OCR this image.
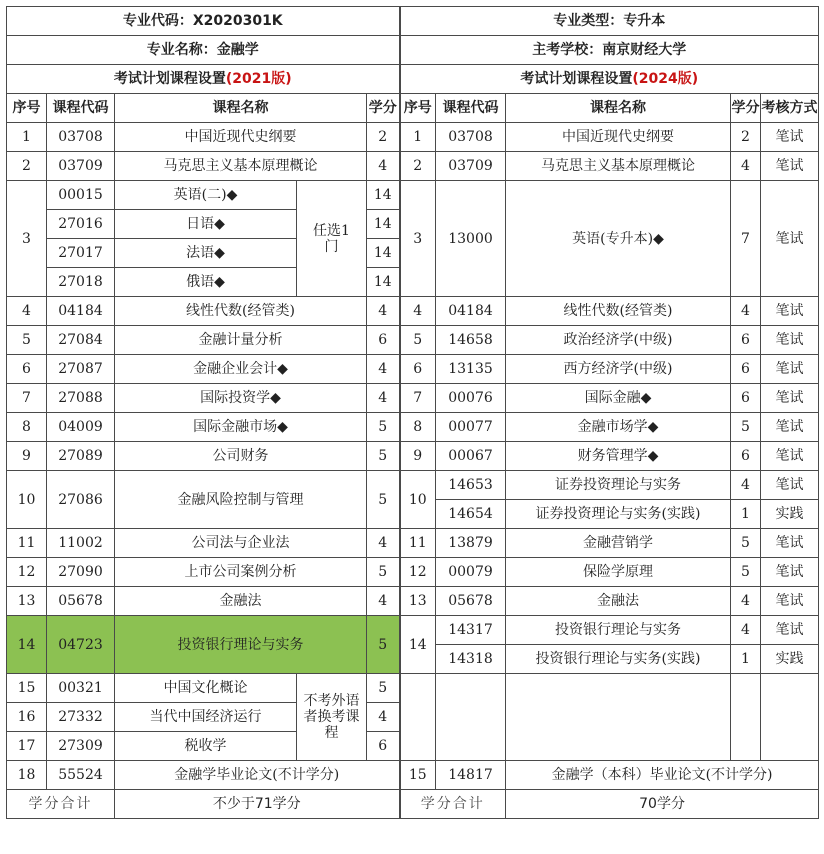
专业代码：X2020301K					专业类型：专升本				
专业名称：金融学					主考学校：南京财经大学				
考试计划课程设置(2021版)					考试计划课程设置(2024版)				
序号	课程代码	课程名称		学分	序号	课程代码	课程名称	学分	考核方式
1	03708	中国近现代史纲要		2	1	03708	中国近现代史纲要	2	笔试
2	03709	马克思主义基本原理概论		4	2	03709	马克思主义基本原理概论	4	笔试
3	00015	英语(二)◆	任选1门	14	3	13000	英语(专升本)◆	7	笔试
	27016	日语◆		14					
	27017	法语◆		14					
	27018	俄语◆		14					
4	04184	线性代数(经管类)		4	4	04184	线性代数(经管类)	4	笔试
5	27084	金融计量分析		6	5	14658	政治经济学(中级)	6	笔试
6	27087	金融企业会计◆		4	6	13135	西方经济学(中级)	6	笔试
7	27088	国际投资学◆		4	7	00076	国际金融◆	6	笔试
8	04009	国际金融市场◆		5	8	00077	金融市场学◆	5	笔试
9	27089	公司财务		5	9	00067	财务管理学◆	6	笔试
10	27086	金融风险控制与管理		5	10	14653	证券投资理论与实务	4	笔试
						14654	证券投资理论与实务(实践)	1	实践
11	11002	公司法与企业法		4	11	13879	金融营销学	5	笔试
12	27090	上市公司案例分析		5	12	00079	保险学原理	5	笔试
13	05678	金融法		4	13	05678	金融法	4	笔试
14	04723	投资银行理论与实务		5	14	14317	投资银行理论与实务	4	笔试
						14318	投资银行理论与实务(实践)	1	实践
15	00321	中国文化概论	不考外语者换考课程	5					
16	27332	当代中国经济运行		4					
17	27309	税收学		6					
18	55524	金融学毕业论文(不计学分)			15	14817	金融学（本科）毕业论文(不计学分)		
学分合计		不少于71学分			学分合计		70学分		
